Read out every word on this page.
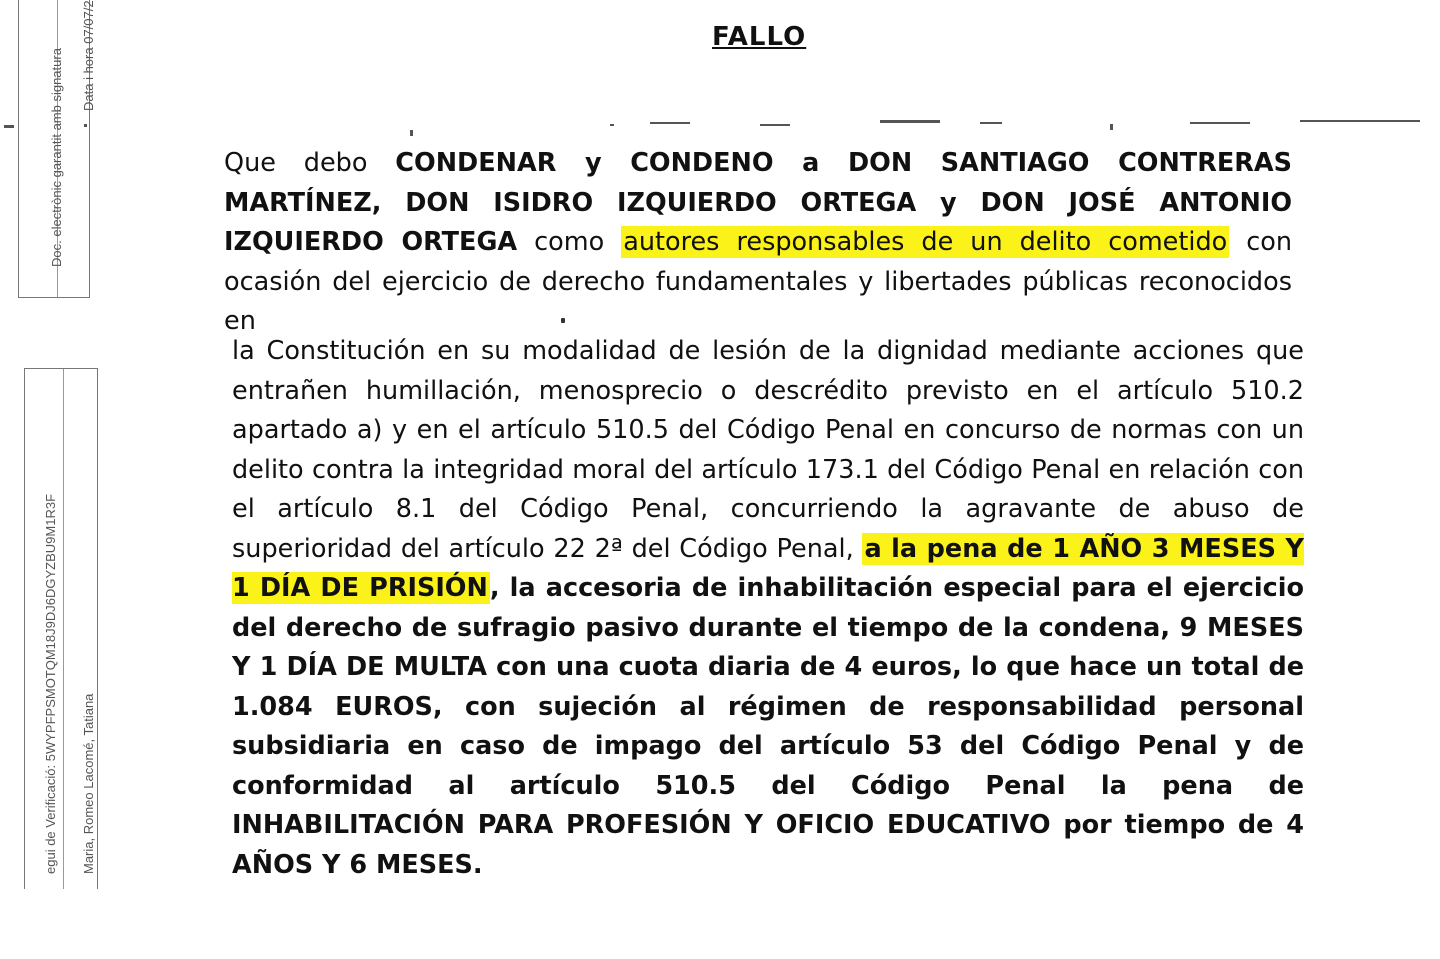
Doc. electrònic garantit amb signatura Data i hora 07/07/2
egui de Verificació: 5WYPFPSMOTQM18J9DJ6DGYZBU9M1R3F Maria, Romeo Lacomé, Tatiana
FALLO
Que debo CONDENAR y CONDENO a DON SANTIAGO CONTRERAS MARTÍNEZ, DON ISIDRO IZQUIERDO ORTEGA y DON JOSÉ ANTONIO IZQUIERDO ORTEGA como autores responsables de un delito cometido con ocasión del ejercicio de derecho fundamentales y libertades públicas reconocidos en
la Constitución en su modalidad de lesión de la dignidad mediante acciones que entrañen humillación, menosprecio o descrédito previsto en el artículo 510.2 apartado a) y en el artículo 510.5 del Código Penal en concurso de normas con un delito contra la integridad moral del artículo 173.1 del Código Penal en relación con el artículo 8.1 del Código Penal, concurriendo la agravante de abuso de superioridad del artículo 22 2ª del Código Penal, a la pena de 1 AÑO 3 MESES Y 1 DÍA DE PRISIÓN, la accesoria de inhabilitación especial para el ejercicio del derecho de sufragio pasivo durante el tiempo de la condena, 9 MESES Y 1 DÍA DE MULTA con una cuota diaria de 4 euros, lo que hace un total de 1.084 EUROS, con sujeción al régimen de responsabilidad personal subsidiaria en caso de impago del artículo 53 del Código Penal y de conformidad al artículo 510.5 del Código Penal la pena de INHABILITACIÓN PARA PROFESIÓN Y OFICIO EDUCATIVO por tiempo de 4 AÑOS Y 6 MESES.
